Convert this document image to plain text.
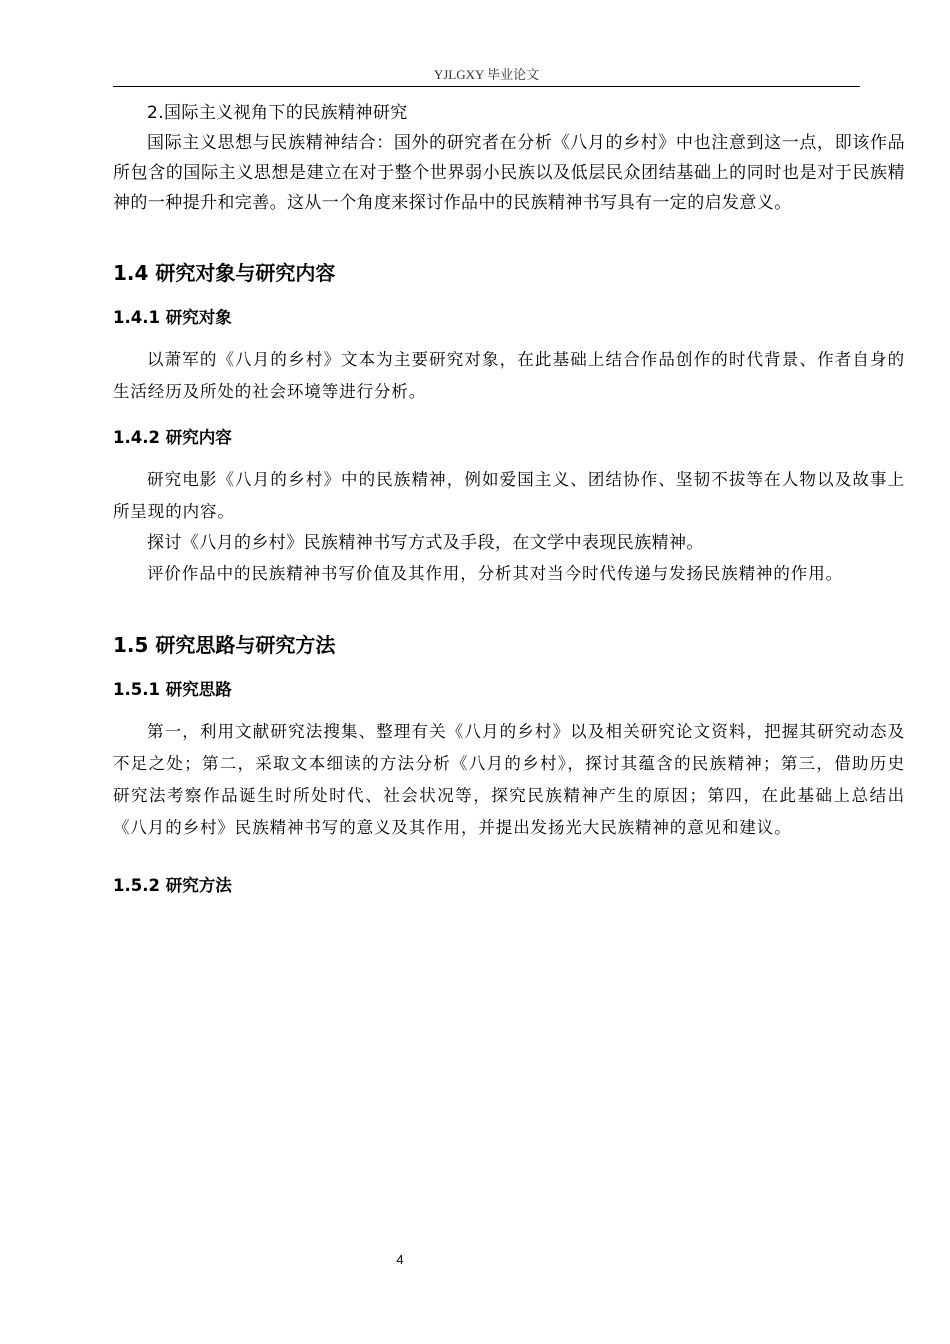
YJLGXY 毕业论文

2.国际主义视角下的民族精神研究

国际主义思想与民族精神结合：国外的研究者在分析《八月的乡村》中也注意到这一点，即该作品所包含的国际主义思想是建立在对于整个世界弱小民族以及低层民众团结基础上的同时也是对于民族精神的一种提升和完善。这从一个角度来探讨作品中的民族精神书写具有一定的启发意义。

1.4 研究对象与研究内容
1.4.1 研究对象

以萧军的《八月的乡村》文本为主要研究对象，在此基础上结合作品创作的时代背景、作者自身的生活经历及所处的社会环境等进行分析。

1.4.2 研究内容

研究电影《八月的乡村》中的民族精神，例如爱国主义、团结协作、坚韧不拔等在人物以及故事上所呈现的内容。

探讨《八月的乡村》民族精神书写方式及手段，在文学中表现民族精神。

评价作品中的民族精神书写价值及其作用，分析其对当今时代传递与发扬民族精神的作用。

1.5 研究思路与研究方法
1.5.1 研究思路

第一，利用文献研究法搜集、整理有关《八月的乡村》以及相关研究论文资料，把握其研究动态及不足之处；第二，采取文本细读的方法分析《八月的乡村》，探讨其蕴含的民族精神；第三，借助历史研究法考察作品诞生时所处时代、社会状况等，探究民族精神产生的原因；第四，在此基础上总结出《八月的乡村》民族精神书写的意义及其作用，并提出发扬光大民族精神的意见和建议。

1.5.2 研究方法
4
